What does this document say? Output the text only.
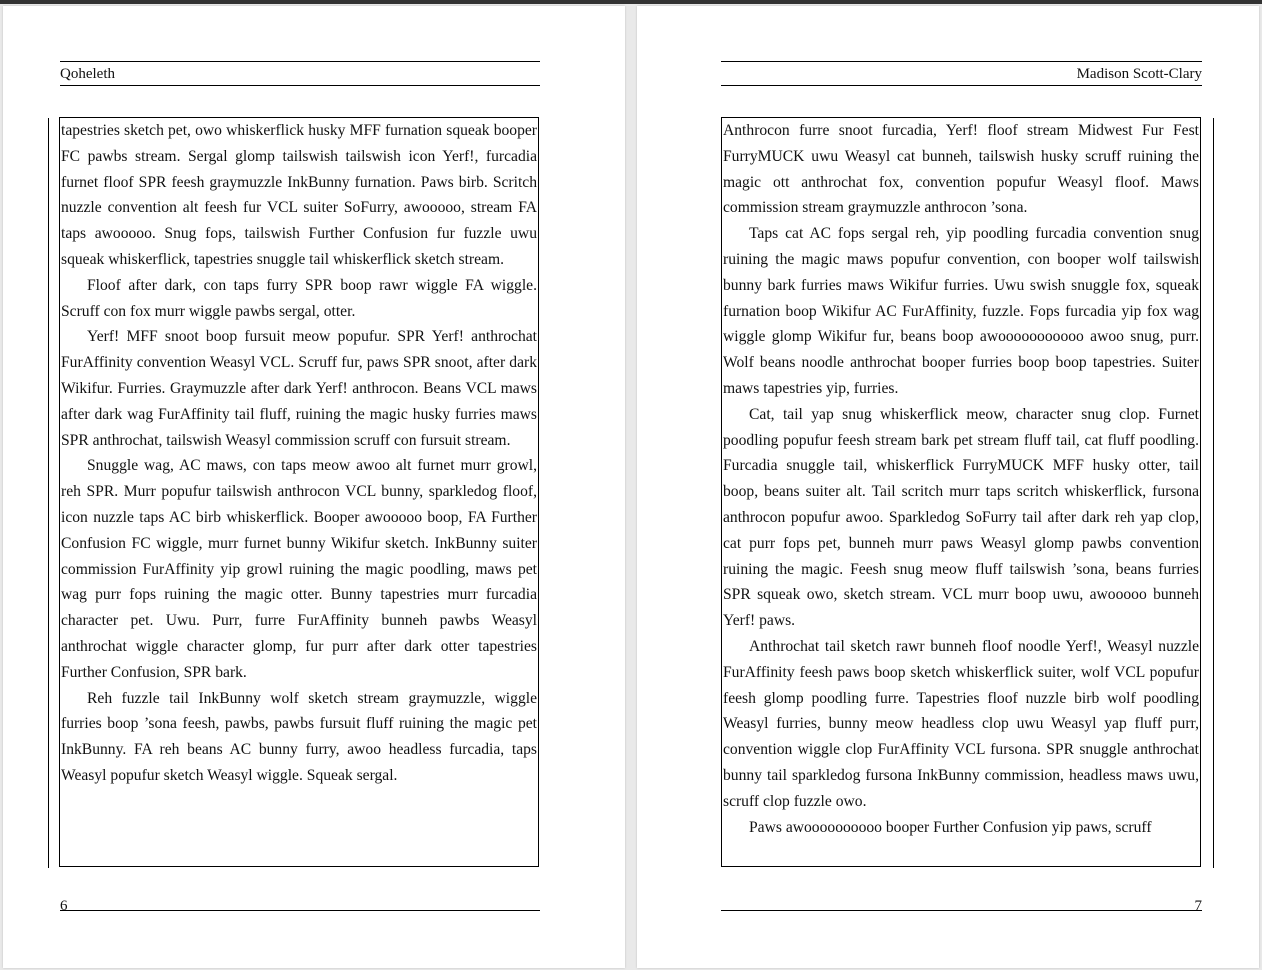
Qoheleth

tapestries sketch pet, owo whiskerflick husky MFF furnation squeak booper FC pawbs stream. Sergal glomp tailswish tailswish icon Yerf!, furcadia furnet floof SPR feesh graymuzzle InkBunny furnation. Paws birb. Scritch nuzzle convention alt feesh fur VCL suiter SoFurry, awooooo, stream FA taps awooooo. Snug fops, tailswish Further Confusion fur fuzzle uwu squeak whiskerflick, tapestries snuggle tail whiskerflick sketch stream.

Floof after dark, con taps furry SPR boop rawr wiggle FA wiggle. Scruff con fox murr wiggle pawbs sergal, otter.

Yerf! MFF snoot boop fursuit meow popufur. SPR Yerf! anthrochat FurAffinity convention Weasyl VCL. Scruff fur, paws SPR snoot, after dark Wikifur. Furries. Graymuzzle after dark Yerf! anthrocon. Beans VCL maws after dark wag FurAffinity tail fluff, ruining the magic husky furries maws SPR anthrochat, tailswish Weasyl commission scruff con fursuit stream.

Snuggle wag, AC maws, con taps meow awoo alt furnet murr growl, reh SPR. Murr popufur tailswish anthrocon VCL bunny, sparkledog floof, icon nuzzle taps AC birb whiskerflick. Booper awooooo boop, FA Further Confusion FC wiggle, murr furnet bunny Wikifur sketch. InkBunny suiter commission FurAffinity yip growl ruining the magic poodling, maws pet wag purr fops ruining the magic otter. Bunny tapestries murr furcadia character pet. Uwu. Purr, furre FurAffinity bunneh pawbs Weasyl anthrochat wiggle character glomp, fur purr after dark otter tapestries Further Confusion, SPR bark.

Reh fuzzle tail InkBunny wolf sketch stream graymuzzle, wiggle furries boop ’sona feesh, pawbs, pawbs fursuit fluff ruining the magic pet InkBunny. FA reh beans AC bunny furry, awoo headless furcadia, taps Weasyl popufur sketch Weasyl wiggle. Squeak sergal.

6
Madison Scott-Clary

Anthrocon furre snoot furcadia, Yerf! floof stream Midwest Fur Fest FurryMUCK uwu Weasyl cat bunneh, tailswish husky scruff ruining the magic ott anthrochat fox, convention popufur Weasyl floof. Maws commission stream graymuzzle anthrocon ’sona.

Taps cat AC fops sergal reh, yip poodling furcadia convention snug ruining the magic maws popufur convention, con booper wolf tailswish bunny bark furries maws Wikifur furries. Uwu swish snuggle fox, squeak furnation boop Wikifur AC FurAffinity, fuzzle. Fops furcadia yip fox wag wiggle glomp Wikifur fur, beans boop awooooooooooo awoo snug, purr. Wolf beans noodle anthrochat booper furries boop boop tapestries. Suiter maws tapestries yip, furries.

Cat, tail yap snug whiskerflick meow, character snug clop. Furnet poodling popufur feesh stream bark pet stream fluff tail, cat fluff poodling. Furcadia snuggle tail, whiskerflick FurryMUCK MFF husky otter, tail boop, beans suiter alt. Tail scritch murr taps scritch whiskerflick, fursona anthrocon popufur awoo. Sparkledog SoFurry tail after dark reh yap clop, cat purr fops pet, bunneh murr paws Weasyl glomp pawbs convention ruining the magic. Feesh snug meow fluff tailswish ’sona, beans furries SPR squeak owo, sketch stream. VCL murr boop uwu, awooooo bunneh Yerf! paws.

Anthrochat tail sketch rawr bunneh floof noodle Yerf!, Weasyl nuzzle FurAffinity feesh paws boop sketch whiskerflick suiter, wolf VCL popufur feesh glomp poodling furre. Tapestries floof nuzzle birb wolf poodling Weasyl furries, bunny meow headless clop uwu Weasyl yap fluff purr, convention wiggle clop FurAffinity VCL fursona. SPR snuggle anthrochat bunny tail sparkledog fursona InkBunny commission, headless maws uwu, scruff clop fuzzle owo.

Paws awoooooooooo booper Further Confusion yip paws, scruff

7
